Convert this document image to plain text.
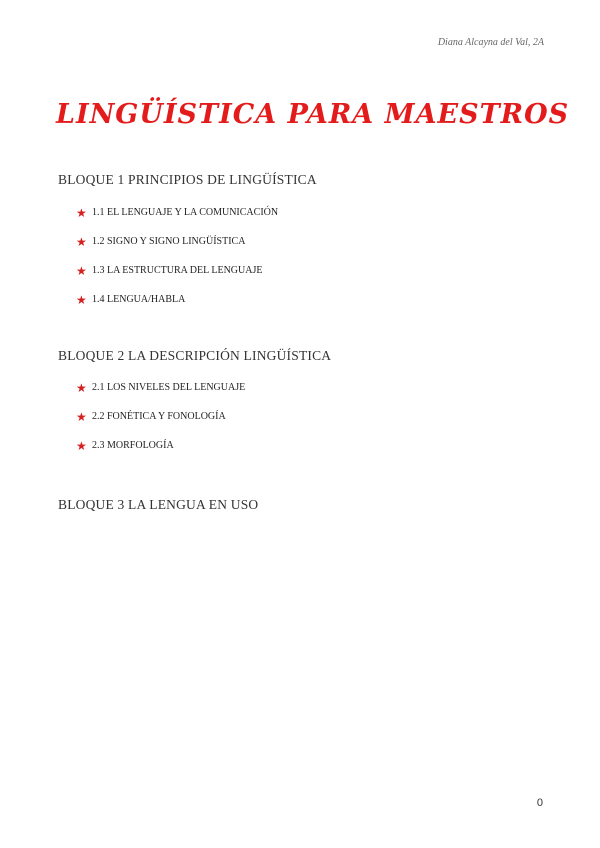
Diana Alcayna del Val, 2A
LINGÜÍSTICA PARA MAESTROS
BLOQUE 1 PRINCIPIOS DE LINGÜÍSTICA
★ 1.1 EL LENGUAJE Y LA COMUNICACIÓN
★ 1.2 SIGNO Y SIGNO LINGÜÍSTICA
★ 1.3 LA ESTRUCTURA DEL LENGUAJE
★ 1.4 LENGUA/HABLA
BLOQUE 2 LA DESCRIPCIÓN LINGÜÍSTICA
★ 2.1 LOS NIVELES DEL LENGUAJE
★ 2.2 FONÉTICA Y FONOLOGÍA
★ 2.3 MORFOLOGÍA
BLOQUE 3 LA LENGUA EN USO
0
